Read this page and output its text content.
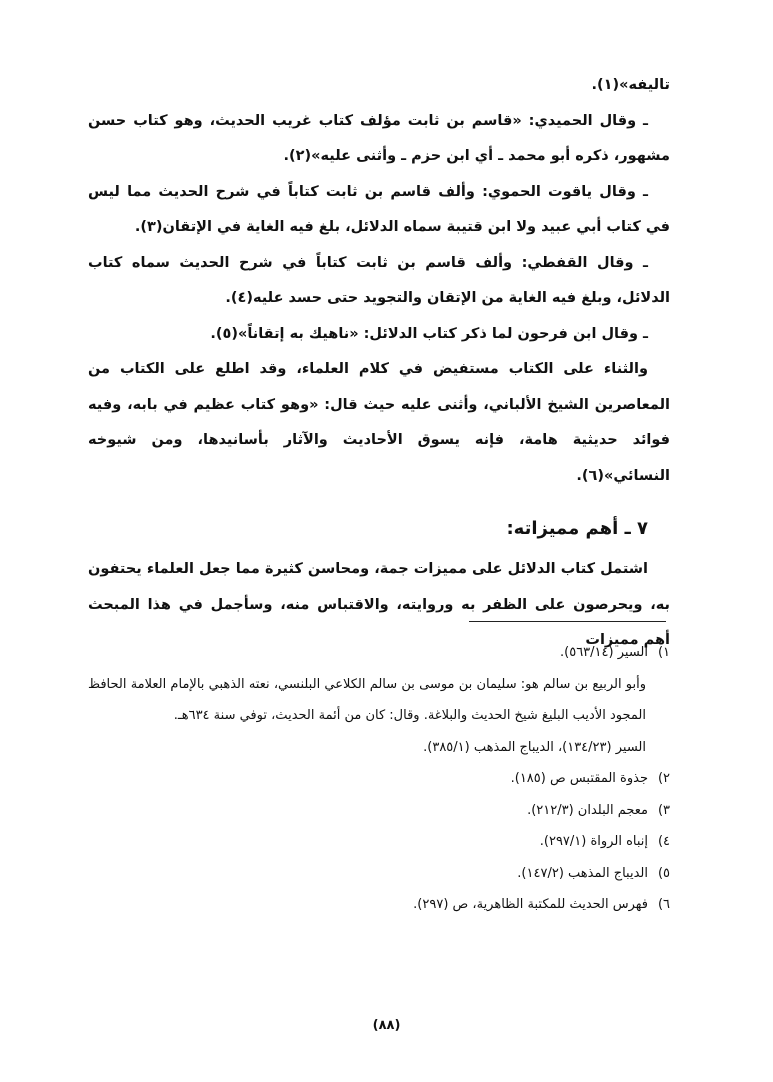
تاليفه»(١).

ـ وقال الحميدي: «قاسم بن ثابت مؤلف كتاب غريب الحديث، وهو كتاب حسن مشهور، ذكره أبو محمد ـ أي ابن حزم ـ وأثنى عليه»(٢).

ـ وقال ياقوت الحموي: وألف قاسم بن ثابت كتاباً في شرح الحديث مما ليس في كتاب أبي عبيد ولا ابن قتيبة سماه الدلائل، بلغ فيه الغاية في الإتقان(٣).

ـ وقال القفطي: وألف قاسم بن ثابت كتاباً في شرح الحديث سماه كتاب الدلائل، وبلغ فيه الغاية من الإتقان والتجويد حتى حسد عليه(٤).

ـ وقال ابن فرحون لما ذكر كتاب الدلائل: «ناهيك به إتقاناً»(٥).

والثناء على الكتاب مستفيض في كلام العلماء، وقد اطلع على الكتاب من المعاصرين الشيخ الألباني، وأثنى عليه حيث قال: «وهو كتاب عظيم في بابه، وفيه فوائد حديثية هامة، فإنه يسوق الأحاديث والآثار بأسانيدها، ومن شيوخه النسائي»(٦).

٧ ـ أهم مميزاته:

اشتمل كتاب الدلائل على مميزات جمة، ومحاسن كثيرة مما جعل العلماء يحتفون به، ويحرصون على الظفر به وروايته، والاقتباس منه، وسأجمل في هذا المبحث أهم مميزات

١)السير (٥٦٣/١٤).

وأبو الربيع بن سالم هو: سليمان بن موسى بن سالم الكلاعي البلنسي، نعته الذهبي بالإمام العلامة الحافظ المجود الأديب البليغ شيخ الحديث والبلاغة. وقال: كان من أئمة الحديث، توفي سنة ٦٣٤هـ.

السير (١٣٤/٢٣)، الديباج المذهب (٣٨٥/١).

٢)جذوة المقتبس ص (١٨٥).

٣)معجم البلدان (٢١٢/٣).

٤)إنباه الرواة (٢٩٧/١).

٥)الديباج المذهب (١٤٧/٢).

٦)فهرس الحديث للمكتبة الظاهرية، ص (٢٩٧).

(٨٨)
